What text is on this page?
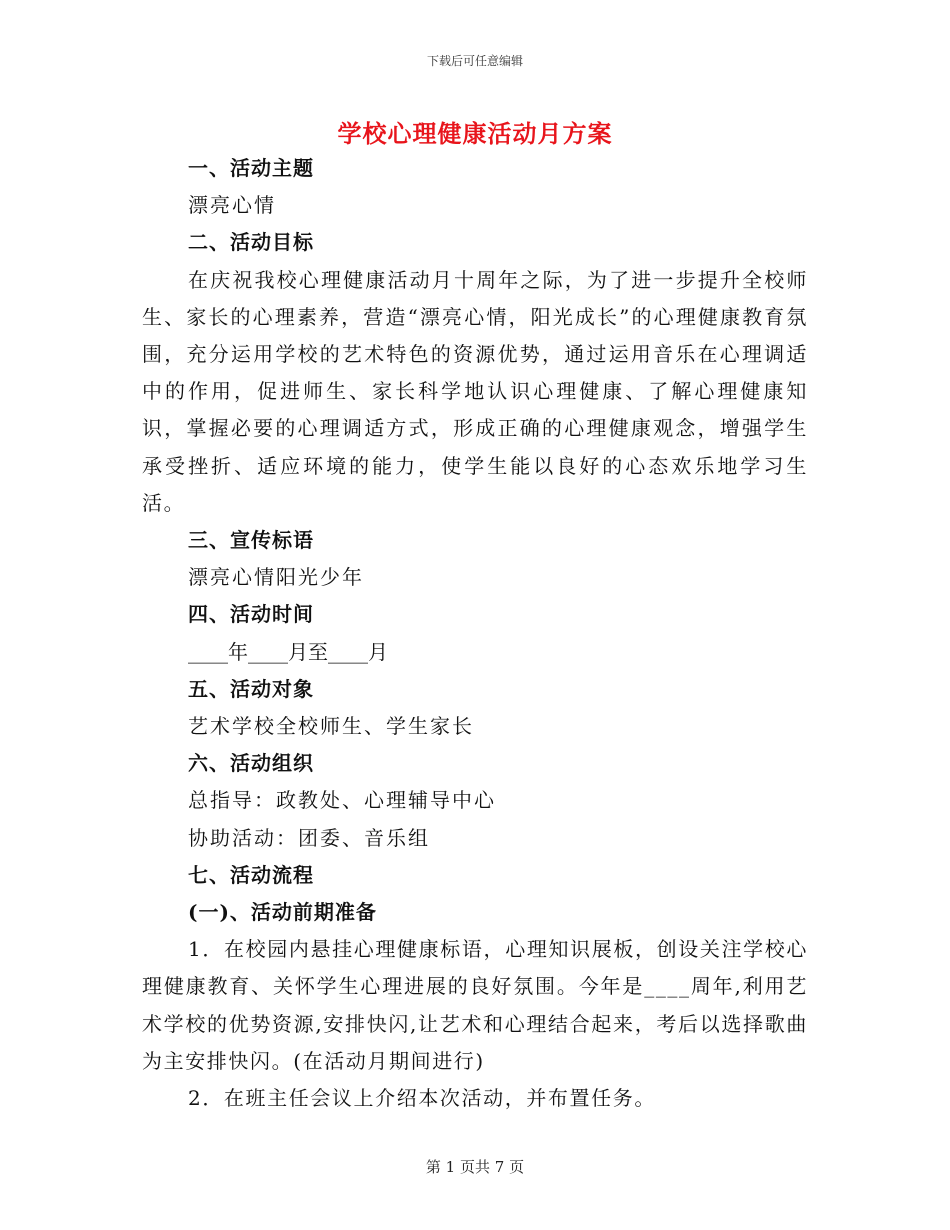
下载后可任意编辑
学校心理健康活动月方案

一、活动主题

漂亮心情

二、活动目标

在庆祝我校心理健康活动月十周年之际，为了进一步提升全校师生、家长的心理素养，营造“漂亮心情，阳光成长”的心理健康教育氛围，充分运用学校的艺术特色的资源优势，通过运用音乐在心理调适中的作用，促进师生、家长科学地认识心理健康、了解心理健康知识，掌握必要的心理调适方式，形成正确的心理健康观念，增强学生承受挫折、适应环境的能力，使学生能以良好的心态欢乐地学习生活。

三、宣传标语

漂亮心情阳光少年

四、活动时间

____年____月至____月

五、活动对象

艺术学校全校师生、学生家长

六、活动组织

总指导：政教处、心理辅导中心

协助活动：团委、音乐组

七、活动流程

(一)、活动前期准备

1．在校园内悬挂心理健康标语，心理知识展板，创设关注学校心理健康教育、关怀学生心理进展的良好氛围。今年是____周年,利用艺术学校的优势资源,安排快闪,让艺术和心理结合起来，考后以选择歌曲为主安排快闪。(在活动月期间进行)

2．在班主任会议上介绍本次活动，并布置任务。

第 1 页共 7 页
